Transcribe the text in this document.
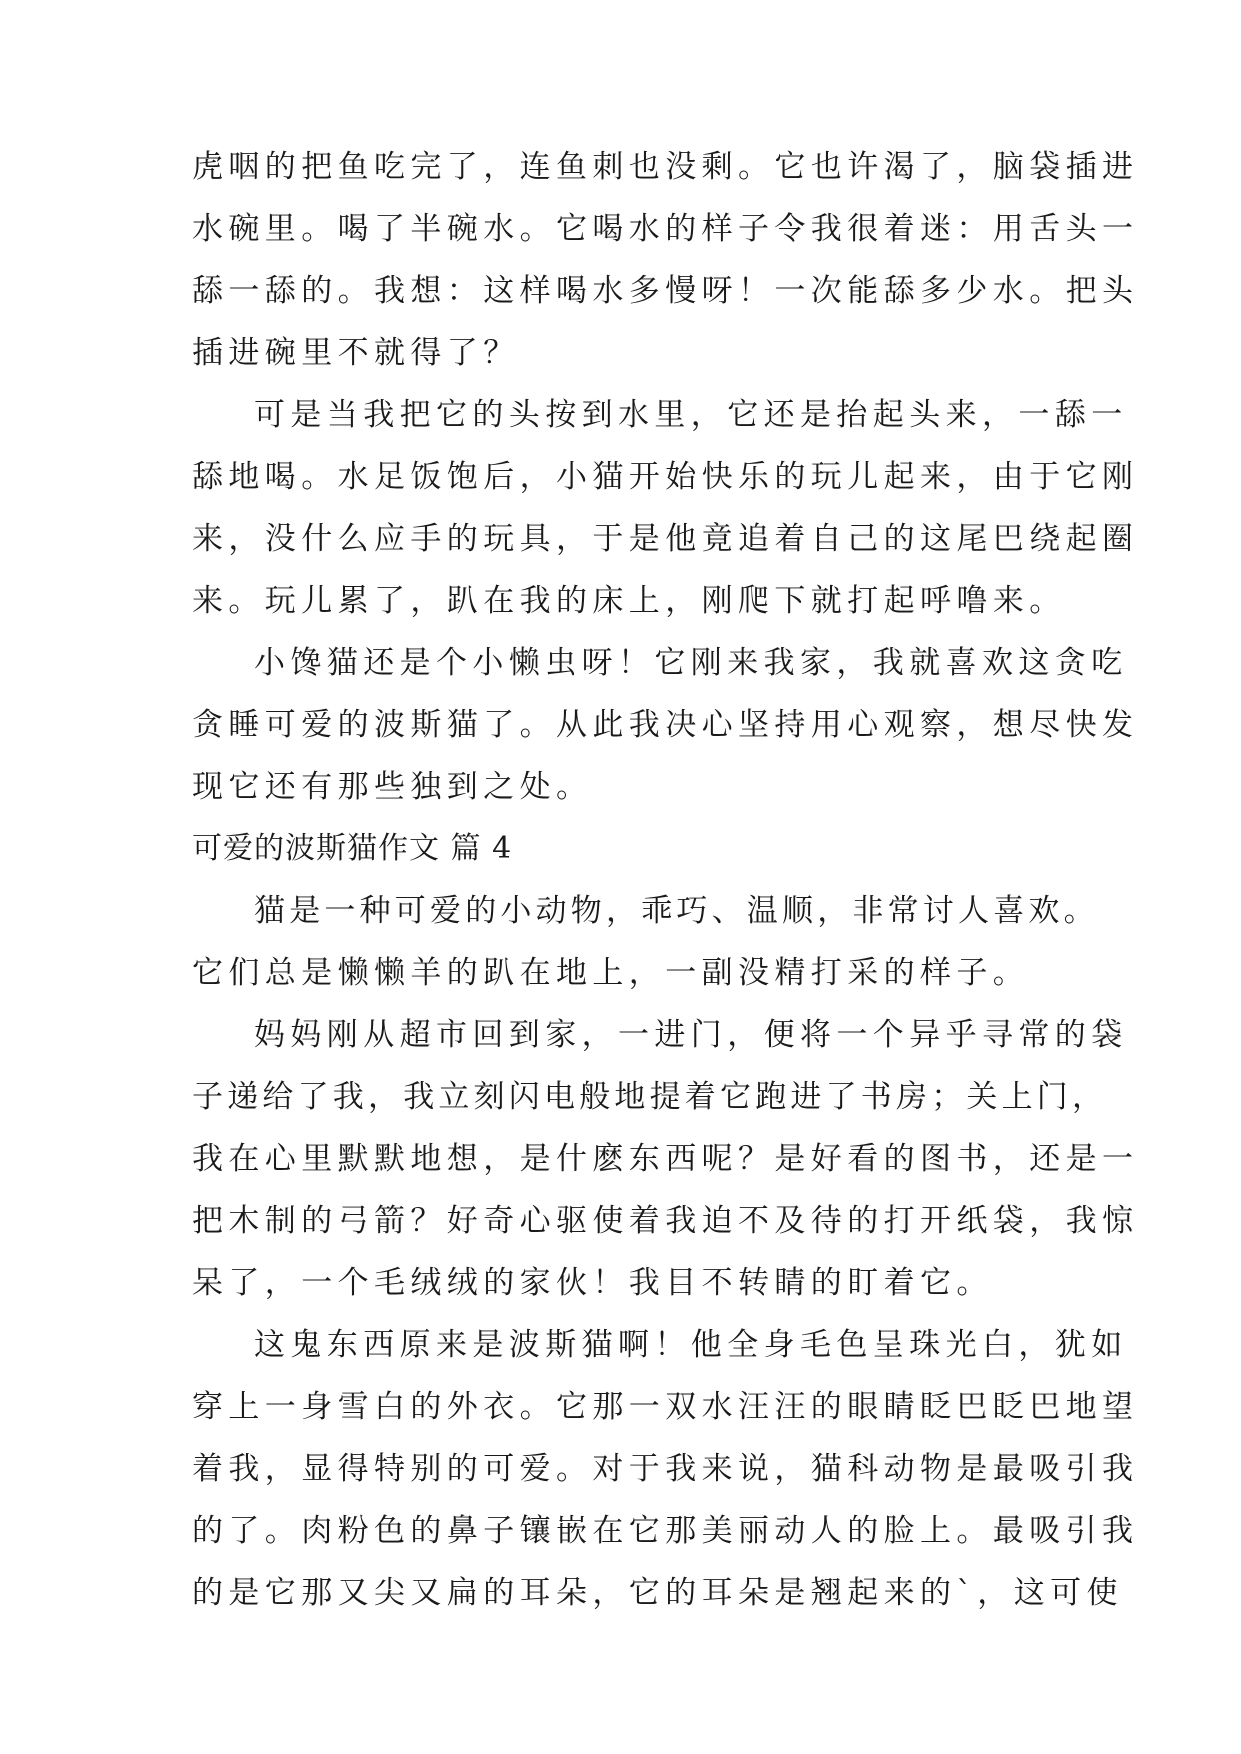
虎咽的把鱼吃完了，连鱼刺也没剩。它也许渴了，脑袋插进

水碗里。喝了半碗水。它喝水的样子令我很着迷：用舌头一

舔一舔的。我想：这样喝水多慢呀！一次能舔多少水。把头

插进碗里不就得了？

可是当我把它的头按到水里，它还是抬起头来，一舔一

舔地喝。水足饭饱后，小猫开始快乐的玩儿起来，由于它刚

来，没什么应手的玩具，于是他竟追着自己的这尾巴绕起圈

来。玩儿累了，趴在我的床上，刚爬下就打起呼噜来。

小馋猫还是个小懒虫呀！它刚来我家，我就喜欢这贪吃

贪睡可爱的波斯猫了。从此我决心坚持用心观察，想尽快发

现它还有那些独到之处。

可爱的波斯猫作文 篇 4

猫是一种可爱的小动物，乖巧、温顺，非常讨人喜欢。

它们总是懒懒羊的趴在地上，一副没精打采的样子。

妈妈刚从超市回到家，一进门，便将一个异乎寻常的袋

子递给了我，我立刻闪电般地提着它跑进了书房；关上门，

我在心里默默地想，是什麽东西呢？是好看的图书，还是一

把木制的弓箭？好奇心驱使着我迫不及待的打开纸袋，我惊

呆了，一个毛绒绒的家伙！我目不转睛的盯着它。

这鬼东西原来是波斯猫啊！他全身毛色呈珠光白，犹如

穿上一身雪白的外衣。它那一双水汪汪的眼睛眨巴眨巴地望

着我，显得特别的可爱。对于我来说，猫科动物是最吸引我

的了。肉粉色的鼻子镶嵌在它那美丽动人的脸上。最吸引我

的是它那又尖又扁的耳朵，它的耳朵是翘起来的`，这可使
